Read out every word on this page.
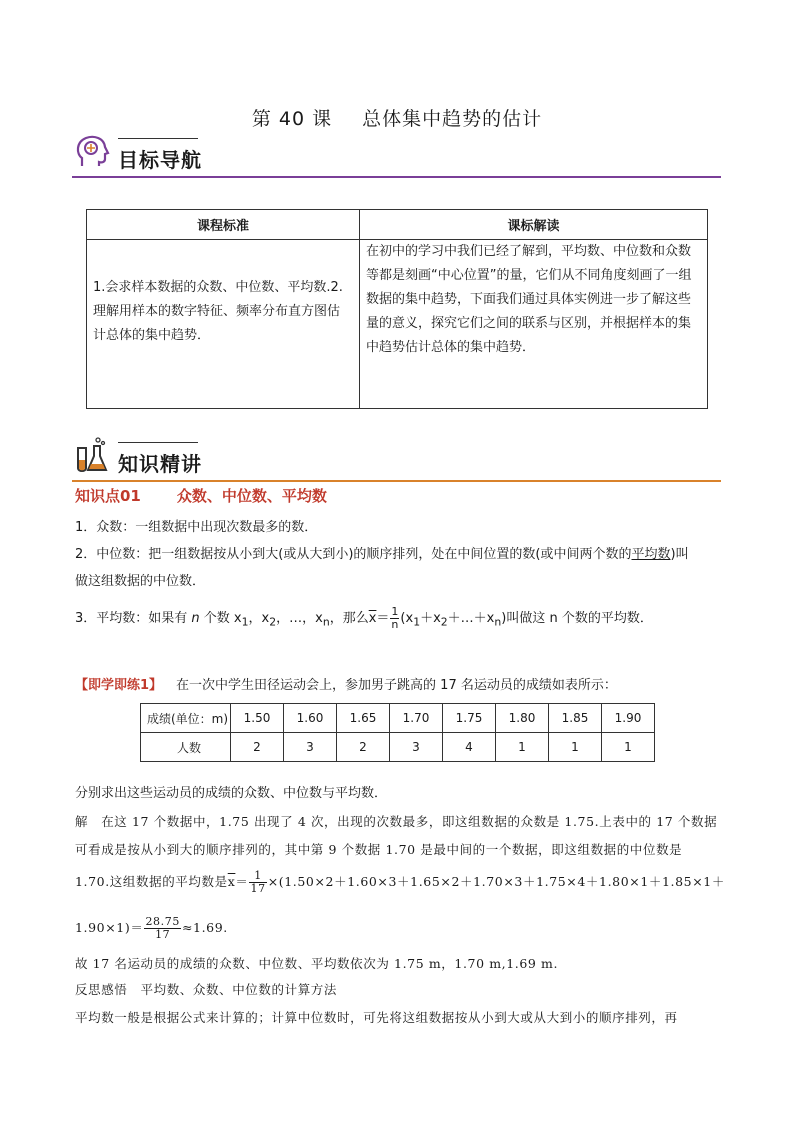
第 40 课 总体集中趋势的估计
目标导航
课程标准	课标解读
1.会求样本数据的众数、中位数、平均数.2.理解用样本的数字特征、频率分布直方图估计总体的集中趋势．	在初中的学习中我们已经了解到，平均数、中位数和众数等都是刻画“中心位置”的量，它们从不同角度刻画了一组数据的集中趋势，下面我们通过具体实例进一步了解这些量的意义，探究它们之间的联系与区别，并根据样本的集中趋势估计总体的集中趋势．
知识精讲
知识点01 众数、中位数、平均数
1．众数：一组数据中出现次数最多的数．
2．中位数：把一组数据按从小到大(或从大到小)的顺序排列，处在中间位置的数(或中间两个数的平均数)叫
做这组数据的中位数．
3．平均数：如果有 n 个数 $x_1$，$x_2$，…，$x_n$，那么$\overline{x}= \frac{1}{n}$ $(x_1+x_2+\dots+x_n)$叫做这 n 个数的平均数．
【即学即练1】 在一次中学生田径运动会上，参加男子跳高的 17 名运动员的成绩如表所示：
成绩(单位：m)	1.50	1.60	1.65	1.70	1.75	1.80	1.85	1.90
人数	2	3	2	3	4	1	1	1
分别求出这些运动员的成绩的众数、中位数与平均数．
解　在这 17 个数据中，1.75 出现了 4 次，出现的次数最多，即这组数据的众数是 1.75.上表中的 17 个数据
可看成是按从小到大的顺序排列的，其中第 9 个数据 1.70 是最中间的一个数据，即这组数据的中位数是
1.70.这组数据的平均数是$\overline{x}= \frac{1}{17} \times(1.50\times 2+1.60\times 3+1.65\times 2+1.70\times 3+1.75\times 4+1.80\times 1+1.85\times 1+$
$1.90\times 1)= \frac{28.75}{17} \approx 1.69$.
故 17 名运动员的成绩的众数、中位数、平均数依次为 1.75 m，1.70 m,1.69 m.
反思感悟　平均数、众数、中位数的计算方法
平均数一般是根据公式来计算的；计算中位数时，可先将这组数据按从小到大或从大到小的顺序排列，再
